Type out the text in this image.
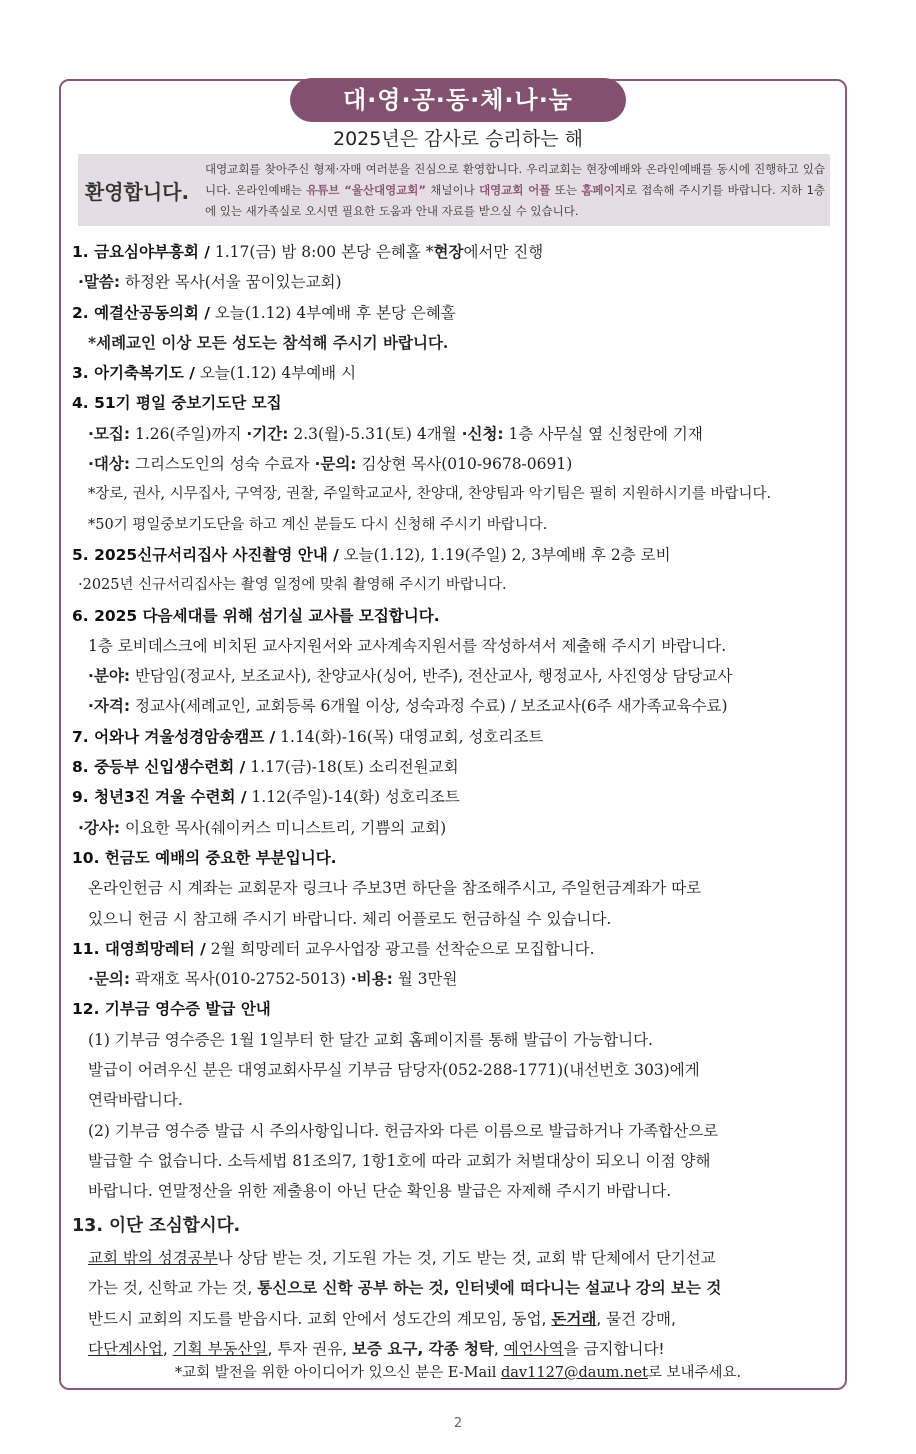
대·영·공·동·체·나·눔
2025년은 감사로 승리하는 해
환영합니다.
대영교회를 찾아주신 형제·자매 여러분을 진심으로 환영합니다. 우리교회는 현장예배와 온라인예배를 동시에 진행하고 있습니다. 온라인예배는 유튜브 “울산대영교회” 채널이나 대영교회 어플 또는 홈페이지로 접속해 주시기를 바랍니다. 지하 1층에 있는 새가족실로 오시면 필요한 도움과 안내 자료를 받으실 수 있습니다.
1. 금요심야부흥회 / 1.17(금) 밤 8:00 본당 은혜홀 *현장에서만 진행
·말씀: 하정완 목사(서울 꿈이있는교회)
2. 예결산공동의회 / 오늘(1.12) 4부예배 후 본당 은혜홀
*세례교인 이상 모든 성도는 참석해 주시기 바랍니다.
3. 아기축복기도 / 오늘(1.12) 4부예배 시
4. 51기 평일 중보기도단 모집
·모집: 1.26(주일)까지 ·기간: 2.3(월)-5.31(토) 4개월 ·신청: 1층 사무실 옆 신청란에 기재
·대상: 그리스도인의 성숙 수료자 ·문의: 김상현 목사(010-9678-0691)
*장로, 권사, 시무집사, 구역장, 권찰, 주일학교교사, 찬양대, 찬양팀과 악기팀은 필히 지원하시기를 바랍니다.
*50기 평일중보기도단을 하고 계신 분들도 다시 신청해 주시기 바랍니다.
5. 2025신규서리집사 사진촬영 안내 / 오늘(1.12), 1.19(주일) 2, 3부예배 후 2층 로비
·2025년 신규서리집사는 촬영 일정에 맞춰 촬영해 주시기 바랍니다.
6. 2025 다음세대를 위해 섬기실 교사를 모집합니다.
1층 로비데스크에 비치된 교사지원서와 교사계속지원서를 작성하셔서 제출해 주시기 바랍니다.
·분야: 반담임(정교사, 보조교사), 찬양교사(싱어, 반주), 전산교사, 행정교사, 사진영상 담당교사
·자격: 정교사(세례교인, 교회등록 6개월 이상, 성숙과정 수료) / 보조교사(6주 새가족교육수료)
7. 어와나 겨울성경암송캠프 / 1.14(화)-16(목) 대영교회, 성호리조트
8. 중등부 신입생수련회 / 1.17(금)-18(토) 소리전원교회
9. 청년3진 겨울 수련회 / 1.12(주일)-14(화) 성호리조트
·강사: 이요한 목사(쉐이커스 미니스트리, 기쁨의 교회)
10. 헌금도 예배의 중요한 부분입니다.
온라인헌금 시 계좌는 교회문자 링크나 주보3면 하단을 참조해주시고, 주일헌금계좌가 따로
있으니 헌금 시 참고해 주시기 바랍니다. 체리 어플로도 헌금하실 수 있습니다.
11. 대영희망레터 / 2월 희망레터 교우사업장 광고를 선착순으로 모집합니다.
·문의: 곽재호 목사(010-2752-5013) ·비용: 월 3만원
12. 기부금 영수증 발급 안내
(1) 기부금 영수증은 1월 1일부터 한 달간 교회 홈페이지를 통해 발급이 가능합니다.
발급이 어려우신 분은 대영교회사무실 기부금 담당자(052-288-1771)(내선번호 303)에게
연락바랍니다.
(2) 기부금 영수증 발급 시 주의사항입니다. 헌금자와 다른 이름으로 발급하거나 가족합산으로
발급할 수 없습니다. 소득세법 81조의7, 1항1호에 따라 교회가 처벌대상이 되오니 이점 양해
바랍니다. 연말정산을 위한 제출용이 아닌 단순 확인용 발급은 자제해 주시기 바랍니다.
13. 이단 조심합시다.
교회 밖의 성경공부나 상담 받는 것, 기도원 가는 것, 기도 받는 것, 교회 밖 단체에서 단기선교
가는 것, 신학교 가는 것, 통신으로 신학 공부 하는 것, 인터넷에 떠다니는 설교나 강의 보는 것
반드시 교회의 지도를 받읍시다. 교회 안에서 성도간의 계모임, 동업, 돈거래, 물건 강매,
다단계사업, 기획 부동산일, 투자 권유, 보증 요구, 각종 청탁, 예언사역을 금지합니다!
*교회 발전을 위한 아이디어가 있으신 분은 E-Mail dav1127@daum.net로 보내주세요.
2
